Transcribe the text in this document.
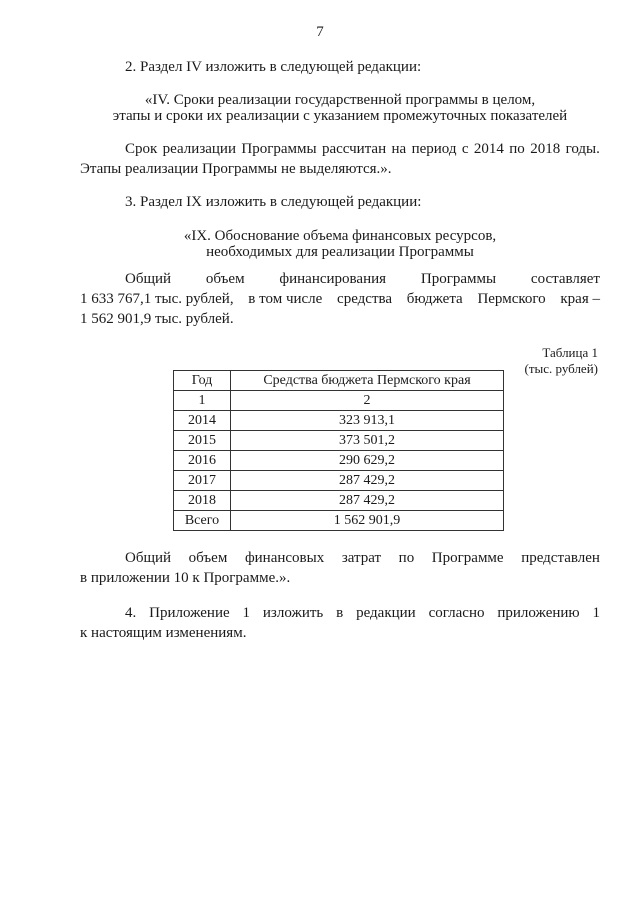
7
2. Раздел IV изложить в следующей редакции:
«IV. Сроки реализации государственной программы в целом,
этапы и сроки их реализации с указанием промежуточных показателей
Срок реализации Программы рассчитан на период с 2014 по 2018 годы.
Этапы реализации Программы не выделяются.».
3. Раздел IX изложить в следующей редакции:
«IX. Обоснование объема финансовых ресурсов,
необходимых для реализации Программы
Общий объем финансирования Программы составляет
1 633 767,1 тыс. рублей, в том числе средства бюджета Пермского края –
1 562 901,9 тыс. рублей.
Таблица 1
(тыс. рублей)
Год	Средства бюджета Пермского края
1	2
2014	323 913,1
2015	373 501,2
2016	290 629,2
2017	287 429,2
2018	287 429,2
Всего	1 562 901,9
Общий объем финансовых затрат по Программе представлен
в приложении 10 к Программе.».
4. Приложение 1 изложить в редакции согласно приложению 1
к настоящим изменениям.
